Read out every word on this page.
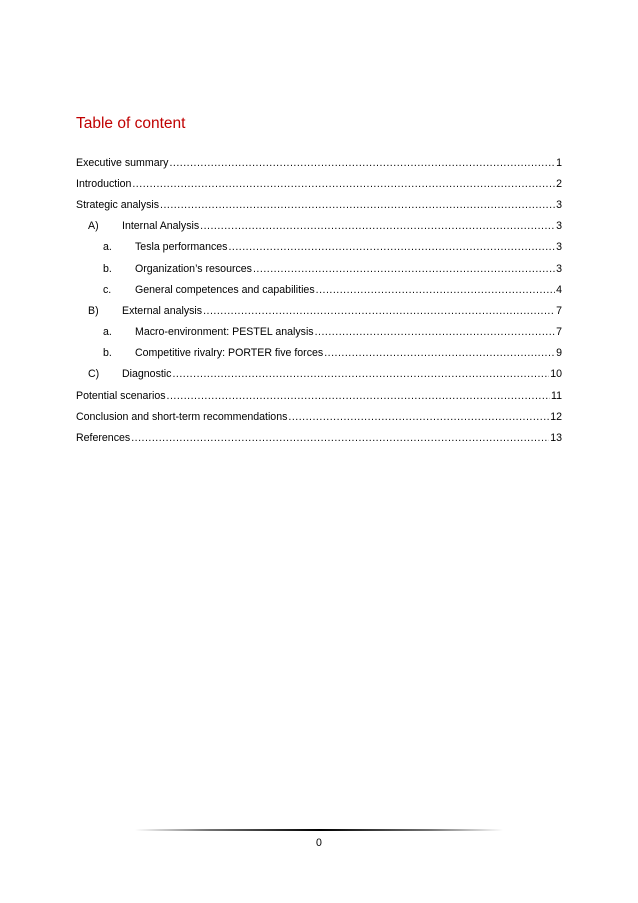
Table of content
Executive summary .....	1
Introduction .....	2
Strategic analysis .....	3
A)	Internal Analysis .....	3
a.	Tesla performances .....	3
b.	Organization’s resources .....	3
c.	General competences and capabilities .....	4
B)	External analysis .....	7
a.	Macro-environment: PESTEL analysis .....	7
b.	Competitive rivalry: PORTER five forces .....	9
C)	Diagnostic .....	10
Potential scenarios .....	11
Conclusion and short-term recommendations .....	12
References .....	13
0
